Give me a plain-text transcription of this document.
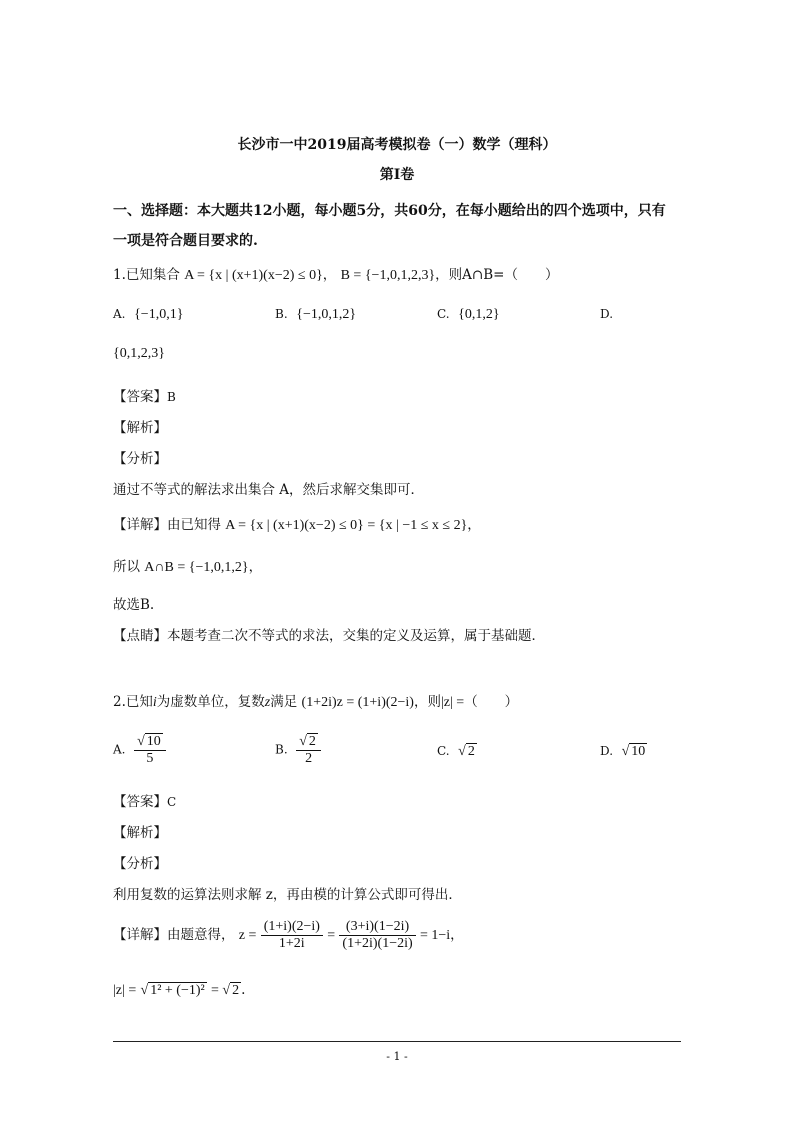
长沙市一中2019届高考模拟卷（一）数学（理科）
第Ⅰ卷
一、选择题：本大题共12小题，每小题5分，共60分，在每小题给出的四个选项中，只有
一项是符合题目要求的.
1.已知集合 A = {x | (x+1)(x−2) ≤ 0}， B = {−1,0,1,2,3}，则A∩B=（　　）
A. {−1,0,1}	B. {−1,0,1,2}	C. {0,1,2}	D.
{0,1,2,3}
【答案】B
【解析】
【分析】
通过不等式的解法求出集合 A，然后求解交集即可．
【详解】由已知得 A = {x | (x+1)(x−2) ≤ 0} = {x | −1 ≤ x ≤ 2}，
所以 A∩B = {−1,0,1,2}，
故选B.
【点睛】本题考查二次不等式的求法，交集的定义及运算，属于基础题．
2.已知i为虚数单位，复数z满足 (1+2i)z = (1+i)(2−i)，则|z| =（　　）
A. $\frac{√ 10}{5}$	B. $\frac{√ 2}{2}$	C. √ 2	D. √ 10
【答案】C
【解析】
【分析】
利用复数的运算法则求解 z，再由模的计算公式即可得出．
【详解】由题意得， $z = \frac{(1+i)(2-i)}{1+2i} = \frac{(3+i)(1-2i)}{(1+2i)(1-2i)} = 1-i$，
|z| = √ 1² + (−1)² = √ 2 .
- 1 -
